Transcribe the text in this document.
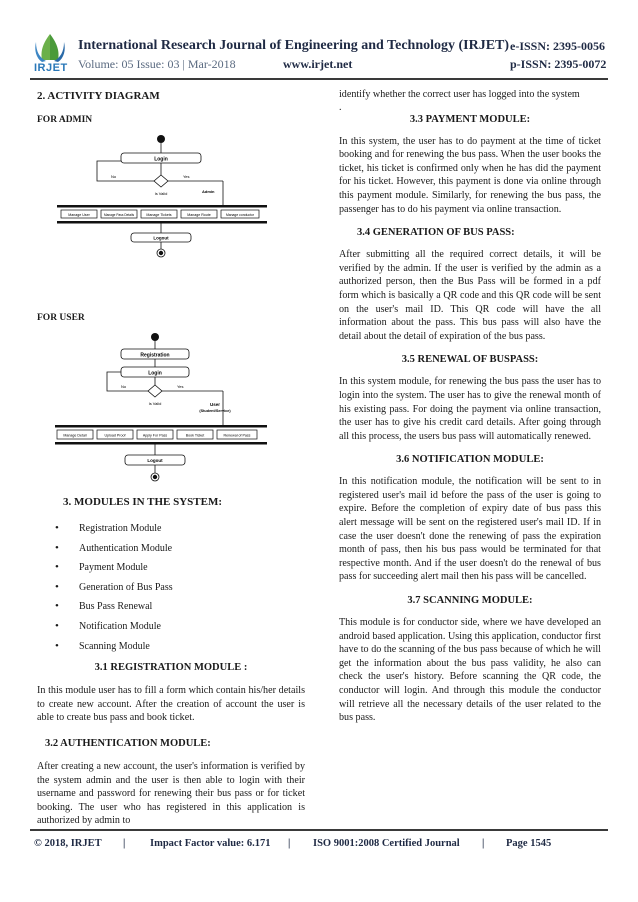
IRJET
International Research Journal of Engineering and Technology (IRJET) e-ISSN: 2395-0056
Volume: 05 Issue: 03 | Mar-2018	www.irjet.net	p-ISSN: 2395-0072
2. ACTIVITY DIAGRAM
FOR ADMIN
Login
Is Valid
No	Yes
Admin
Manage User	Manage Pass Details	Manage Tickets	Manage Route	Manage conductor
Logout
FOR USER
Registration
Login
Is Valid
No	Yes
User
(Student/Service)
Manage Detail	Upload Proof	Apply For Pass	Book Ticket	Renewal of Pass
Logout
3. MODULES IN THE SYSTEM:
• Registration Module
• Authentication Module
• Payment Module
• Generation of Bus Pass
• Bus Pass Renewal
• Notification Module
• Scanning Module
3.1 REGISTRATION MODULE :

In this module user has to fill a form which contain his/her details to create new account. After the creation of account the user is able to create bus pass and book ticket.

3.2 AUTHENTICATION MODULE:

After creating a new account, the user's information is verified by the system admin and the user is then able to login with their username and password for renewing their bus pass or for ticket booking. The user who has registered in this application is authorized by admin to

identify whether the correct user has logged into the system

.
3.3 PAYMENT MODULE:

In this system, the user has to do payment at the time of ticket booking and for renewing the bus pass. When the user books the ticket, his ticket is confirmed only when he has did the payment for his ticket. However, this payment is done via online through this payment module. Similarly, for renewing the bus pass, the passenger has to do his payment via online transaction.

3.4 GENERATION OF BUS PASS:

After submitting all the required correct details, it will be verified by the admin. If the user is verified by the admin as a authorized person, then the Bus Pass will be formed in a pdf form which is basically a QR code and this QR code will be sent on the user's mail ID. This QR code will have the all information about the pass. This bus pass will also have the detail about the detail of expiration of the bus pass.

3.5 RENEWAL OF BUSPASS:

In this system module, for renewing the bus pass the user has to login into the system. The user has to give the renewal month of his existing pass. For doing the payment via online transaction, the user has to give his credit card details. After going through all this process, the users bus pass will automatically renewed.

3.6 NOTIFICATION MODULE:

In this notification module, the notification will be sent to in registered user's mail id before the pass of the user is going to expire. Before the completion of expiry date of bus pass this alert message will be sent on the registered user's mail ID. If in case the user doesn't done the renewing of pass the expiration month of pass, then his bus pass would be terminated for that respective month. And if the user doesn't do the renewal of bus pass for succeeding alert mail then his pass will be cancelled.

3.7 SCANNING MODULE:

This module is for conductor side, where we have developed an android based application. Using this application, conductor first have to do the scanning of the bus pass because of which he will get the information about the bus pass validity, he also can check the user's history. Before scanning the QR code, the conductor will login. And through this module the conductor will retrieve all the necessary details of the user related to the bus pass.

© 2018, IRJET | Impact Factor value: 6.171 | ISO 9001:2008 Certified Journal | Page 1545
